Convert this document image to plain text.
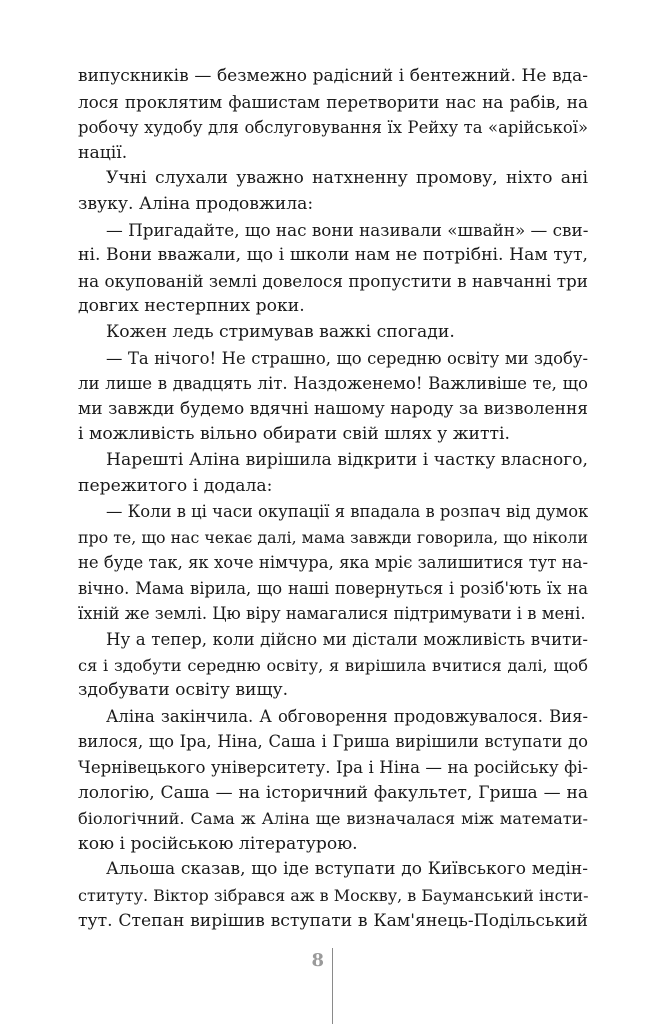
випускників — безмежно радісний і бентежний. Не вда-
лося проклятим фашистам перетворити нас на рабів, на
робочу худобу для обслуговування їх Рейху та «арійської»
нації.
Учні слухали уважно натхненну промову, ніхто ані
звуку. Аліна продовжила:
— Пригадайте, що нас вони називали «швайн» — сви-
ні. Вони вважали, що і школи нам не потрібні. Нам тут,
на окупованій землі довелося пропустити в навчанні три
довгих нестерпних роки.
Кожен ледь стримував важкі спогади.
— Та нічого! Не страшно, що середню освіту ми здобу-
ли лише в двадцять літ. Наздоженемо! Важливіше те, що
ми завжди будемо вдячні нашому народу за визволення
і можливість вільно обирати свій шлях у житті.
Нарешті Аліна вирішила відкрити і частку власного,
пережитого і додала:
— Коли в ці часи окупації я впадала в розпач від думок
про те, що нас чекає далі, мама завжди говорила, що ніколи
не буде так, як хоче німчура, яка мріє залишитися тут на-
вічно. Мама вірила, що наші повернуться і розіб'ють їх на
їхній же землі. Цю віру намагалися підтримувати і в мені.
Ну а тепер, коли дійсно ми дістали можливість вчити-
ся і здобути середню освіту, я вирішила вчитися далі, щоб
здобувати освіту вищу.
Аліна закінчила. А обговорення продовжувалося. Вия-
вилося, що Іра, Ніна, Саша і Гриша вирішили вступати до
Чернівецького університету. Іра і Ніна — на російську фі-
лологію, Саша — на історичний факультет, Гриша — на
біологічний. Сама ж Аліна ще визначалася між математи-
кою і російською літературою.
Альоша сказав, що іде вступати до Київського медін-
ституту. Віктор зібрався аж в Москву, в Бауманський інсти-
тут. Степан вирішив вступати в Кам'янець-Подільський
8
